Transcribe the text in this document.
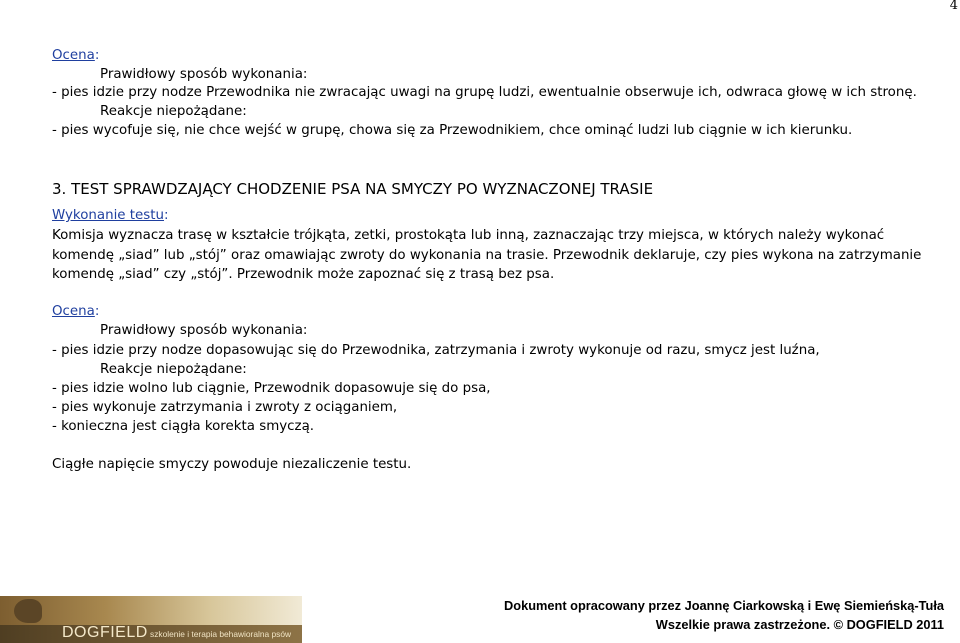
4
Ocena:
Prawidłowy sposób wykonania:
- pies idzie przy nodze Przewodnika nie zwracając uwagi na grupę ludzi, ewentualnie obserwuje ich, odwraca głowę w ich stronę.
Reakcje niepożądane:
- pies wycofuje się, nie chce wejść w grupę, chowa się za Przewodnikiem, chce ominąć ludzi lub ciągnie w ich kierunku.
3. TEST SPRAWDZAJĄCY CHODZENIE PSA NA SMYCZY PO WYZNACZONEJ TRASIE
Wykonanie testu:
Komisja wyznacza trasę w kształcie trójkąta, zetki, prostokąta lub inną, zaznaczając trzy miejsca, w których należy wykonać
komendę „siad” lub „stój” oraz omawiając zwroty do wykonania na trasie. Przewodnik deklaruje, czy pies wykona na zatrzymanie
komendę „siad” czy „stój”. Przewodnik może zapoznać się z trasą bez psa.
Ocena:
Prawidłowy sposób wykonania:
- pies idzie przy nodze dopasowując się do Przewodnika, zatrzymania i zwroty wykonuje od razu, smycz jest luźna,
Reakcje niepożądane:
- pies idzie wolno lub ciągnie, Przewodnik dopasowuje się do psa,
- pies wykonuje zatrzymania i zwroty z ociąganiem,
- konieczna jest ciągła korekta smyczą.
Ciągłe napięcie smyczy powoduje niezaliczenie testu.
DOGFIELD szkolenie i terapia behawioralna psów
Dokument opracowany przez Joannę Ciarkowską i Ewę Siemieńską-Tuła
Wszelkie prawa zastrzeżone. © DOGFIELD 2011
